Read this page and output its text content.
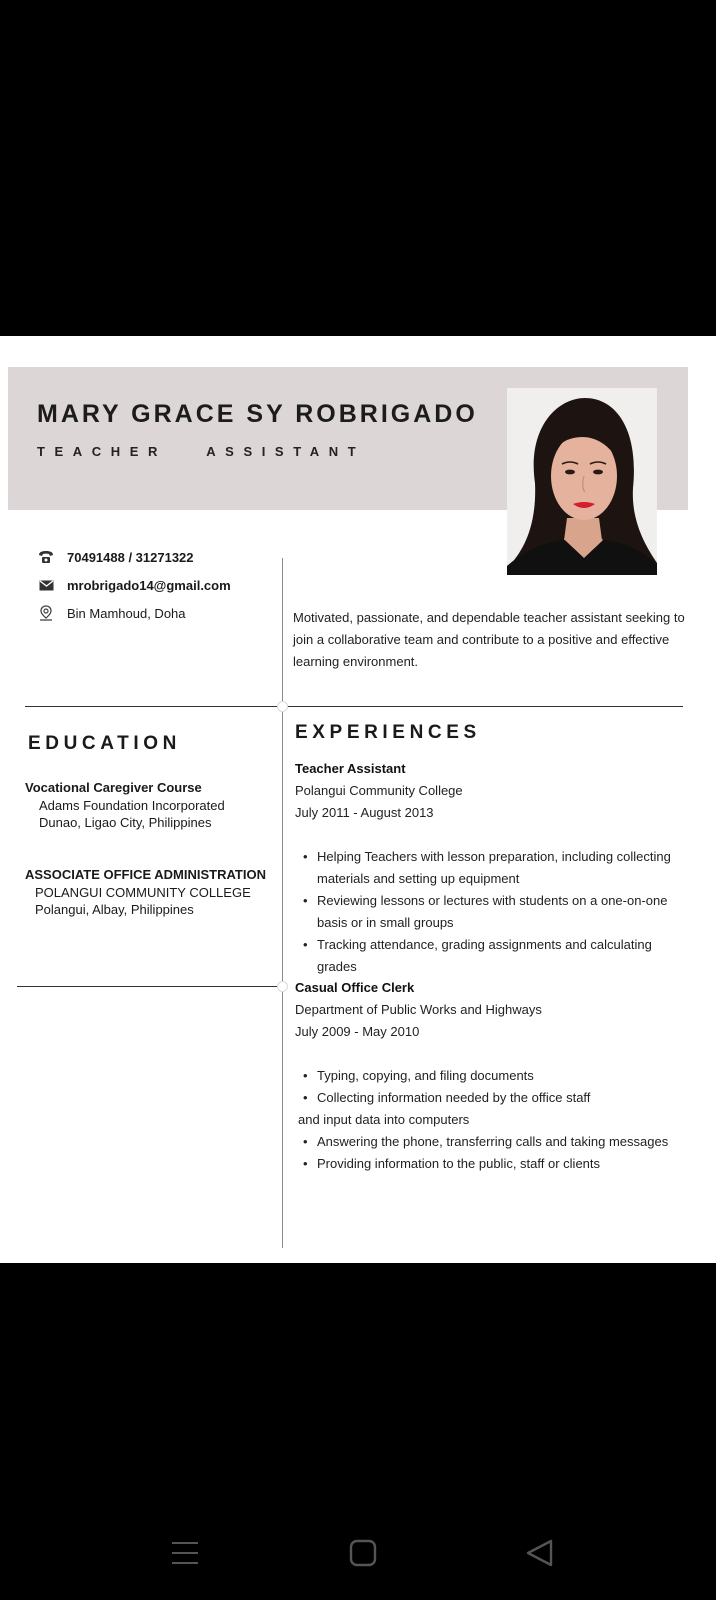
MARY GRACE SY ROBRIGADO
TEACHER   ASSISTANT
70491488 / 31271322
mrobrigado14@gmail.com
Bin Mamhoud, Doha	Motivated, passionate, and dependable teacher assistant seeking to join a collaborative team and contribute to a positive and effective learning environment.
EDUCATION
EXPERIENCES
Vocational Caregiver Course
Adams Foundation Incorporated
Dunao, Ligao City, Philippines
ASSOCIATE OFFICE ADMINISTRATION
POLANGUI COMMUNITY COLLEGE
Polangui, Albay, Philippines
Teacher Assistant
Polangui Community College
July 2011 - August 2013
• Helping Teachers with lesson preparation, including collecting materials and setting up equipment
• Reviewing lessons or lectures with students on a one-on-one basis or in small groups
• Tracking attendance, grading assignments and calculating grades
Casual Office Clerk
Department of Public Works and Highways
July 2009 - May 2010
• Typing, copying, and filing documents
• Collecting information needed by the office staff
and input data into computers
• Answering the phone, transferring calls and taking messages
• Providing information to the public, staff or clients
